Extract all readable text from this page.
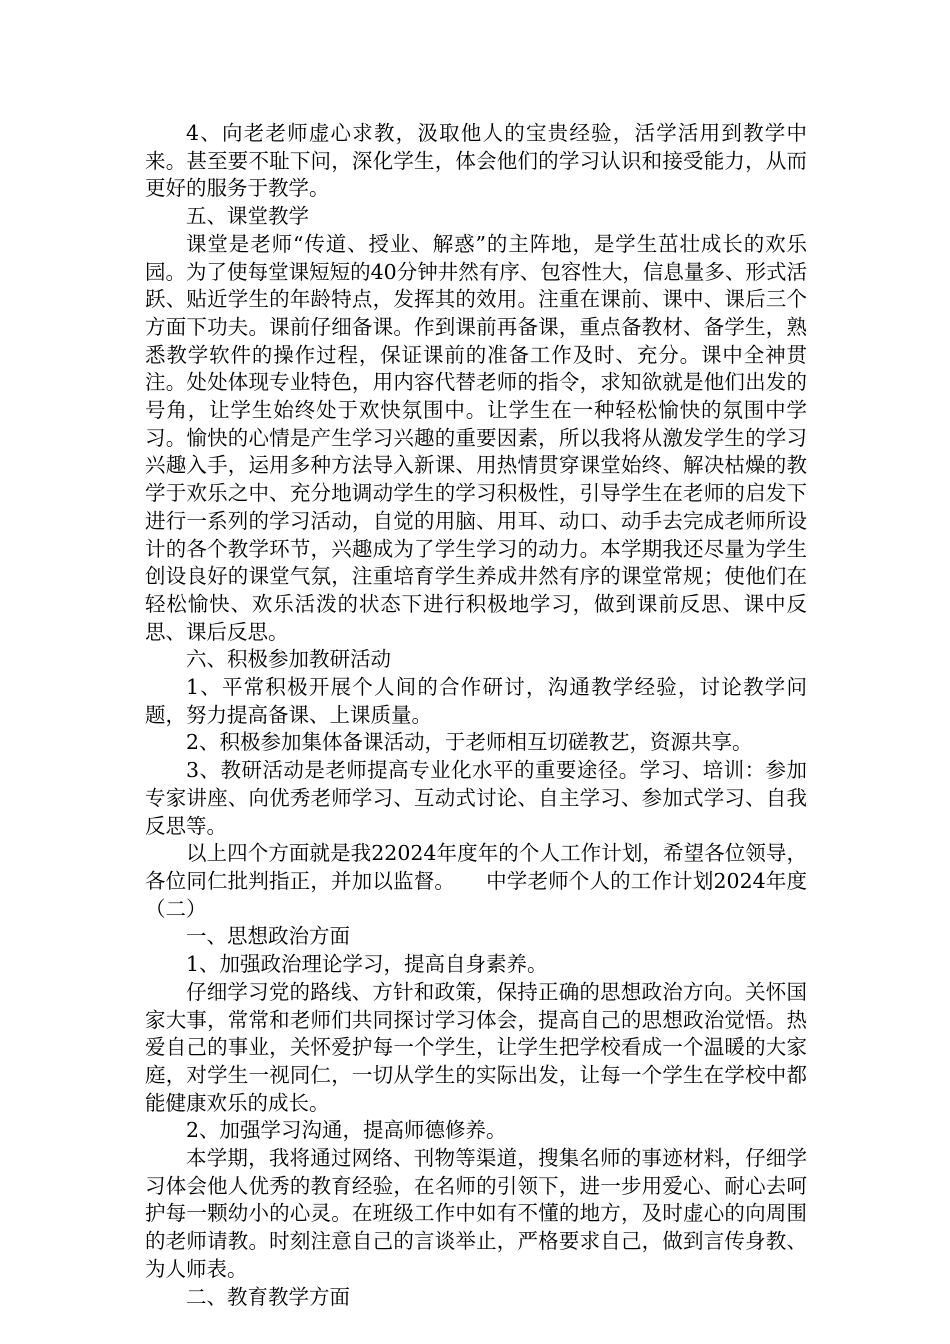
4、向老老师虚心求教，汲取他人的宝贵经验，活学活用到教学中来。甚至要不耻下问，深化学生，体会他们的学习认识和接受能力，从而更好的服务于教学。

五、课堂教学

课堂是老师“传道、授业、解惑”的主阵地，是学生茁壮成长的欢乐园。为了使每堂课短短的40分钟井然有序、包容性大，信息量多、形式活跃、贴近学生的年龄特点，发挥其的效用。注重在课前、课中、课后三个方面下功夫。课前仔细备课。作到课前再备课，重点备教材、备学生，熟悉教学软件的操作过程，保证课前的准备工作及时、充分。课中全神贯注。处处体现专业特色，用内容代替老师的指令，求知欲就是他们出发的号角，让学生始终处于欢快氛围中。让学生在一种轻松愉快的氛围中学习。愉快的心情是产生学习兴趣的重要因素，所以我将从激发学生的学习兴趣入手，运用多种方法导入新课、用热情贯穿课堂始终、解决枯燥的教学于欢乐之中、充分地调动学生的学习积极性，引导学生在老师的启发下进行一系列的学习活动，自觉的用脑、用耳、动口、动手去完成老师所设计的各个教学环节，兴趣成为了学生学习的动力。本学期我还尽量为学生创设良好的课堂气氛，注重培育学生养成井然有序的课堂常规；使他们在轻松愉快、欢乐活泼的状态下进行积极地学习，做到课前反思、课中反思、课后反思。

六、积极参加教研活动

1、平常积极开展个人间的合作研讨，沟通教学经验，讨论教学问题，努力提高备课、上课质量。

2、积极参加集体备课活动，于老师相互切磋教艺，资源共享。

3、教研活动是老师提高专业化水平的重要途径。学习、培训：参加专家讲座、向优秀老师学习、互动式讨论、自主学习、参加式学习、自我反思等。

以上四个方面就是我22024年度年的个人工作计划，希望各位领导，各位同仁批判指正，并加以监督。　　中学老师个人的工作计划2024年度（二）

一、思想政治方面

1、加强政治理论学习，提高自身素养。

仔细学习党的路线、方针和政策，保持正确的思想政治方向。关怀国家大事，常常和老师们共同探讨学习体会，提高自己的思想政治觉悟。热爱自己的事业，关怀爱护每一个学生，让学生把学校看成一个温暖的大家庭，对学生一视同仁，一切从学生的实际出发，让每一个学生在学校中都能健康欢乐的成长。

2、加强学习沟通，提高师德修养。

本学期，我将通过网络、刊物等渠道，搜集名师的事迹材料，仔细学习体会他人优秀的教育经验，在名师的引领下，进一步用爱心、耐心去呵护每一颗幼小的心灵。在班级工作中如有不懂的地方，及时虚心的向周围的老师请教。时刻注意自己的言谈举止，严格要求自己，做到言传身教、为人师表。

二、教育教学方面
